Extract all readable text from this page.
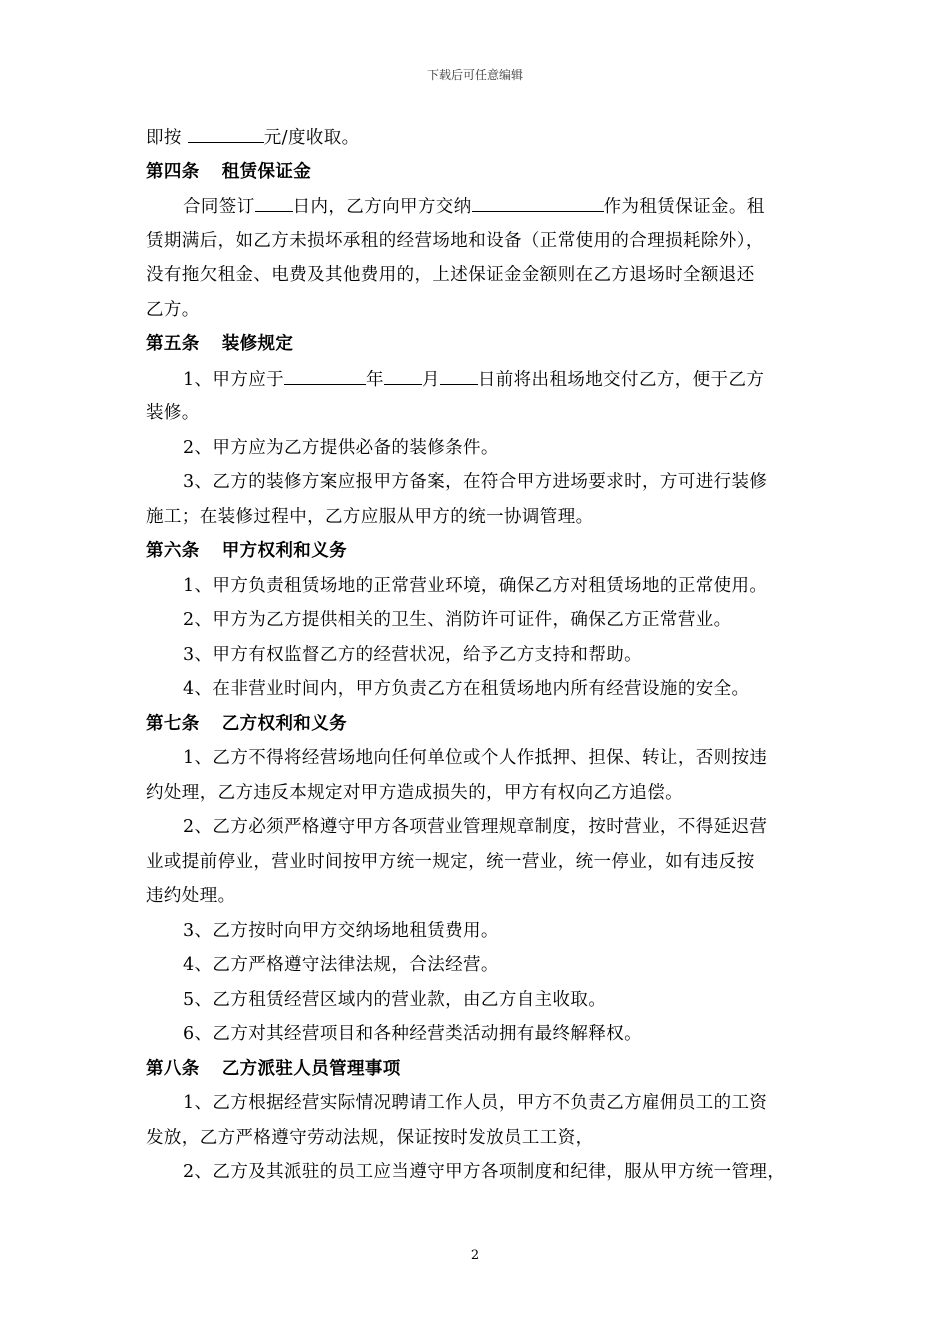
下载后可任意编辑
即按	元/度收取。
第四条 租赁保证金
合同签订 日内，乙方向甲方交纳	作为租赁保证金。租
赁期满后，如乙方未损坏承租的经营场地和设备（正常使用的合理损耗除外），
没有拖欠租金、电费及其他费用的，上述保证金金额则在乙方退场时全额退还
乙方。
第五条 装修规定
1、甲方应于	年 月 日前将出租场地交付乙方，便于乙方
装修。
2、甲方应为乙方提供必备的装修条件。
3、乙方的装修方案应报甲方备案，在符合甲方进场要求时，方可进行装修
施工；在装修过程中，乙方应服从甲方的统一协调管理。
第六条 甲方权利和义务
1、甲方负责租赁场地的正常营业环境，确保乙方对租赁场地的正常使用。
2、甲方为乙方提供相关的卫生、消防许可证件，确保乙方正常营业。
3、甲方有权监督乙方的经营状况，给予乙方支持和帮助。
4、在非营业时间内，甲方负责乙方在租赁场地内所有经营设施的安全。
第七条 乙方权利和义务
1、乙方不得将经营场地向任何单位或个人作抵押、担保、转让，否则按违
约处理，乙方违反本规定对甲方造成损失的，甲方有权向乙方追偿。
2、乙方必须严格遵守甲方各项营业管理规章制度，按时营业，不得延迟营
业或提前停业，营业时间按甲方统一规定，统一营业，统一停业，如有违反按
违约处理。
3、乙方按时向甲方交纳场地租赁费用。
4、乙方严格遵守法律法规，合法经营。
5、乙方租赁经营区域内的营业款，由乙方自主收取。
6、乙方对其经营项目和各种经营类活动拥有最终解释权。
第八条 乙方派驻人员管理事项
1、乙方根据经营实际情况聘请工作人员，甲方不负责乙方雇佣员工的工资
发放，乙方严格遵守劳动法规，保证按时发放员工工资，
2、乙方及其派驻的员工应当遵守甲方各项制度和纪律，服从甲方统一管理，
2
